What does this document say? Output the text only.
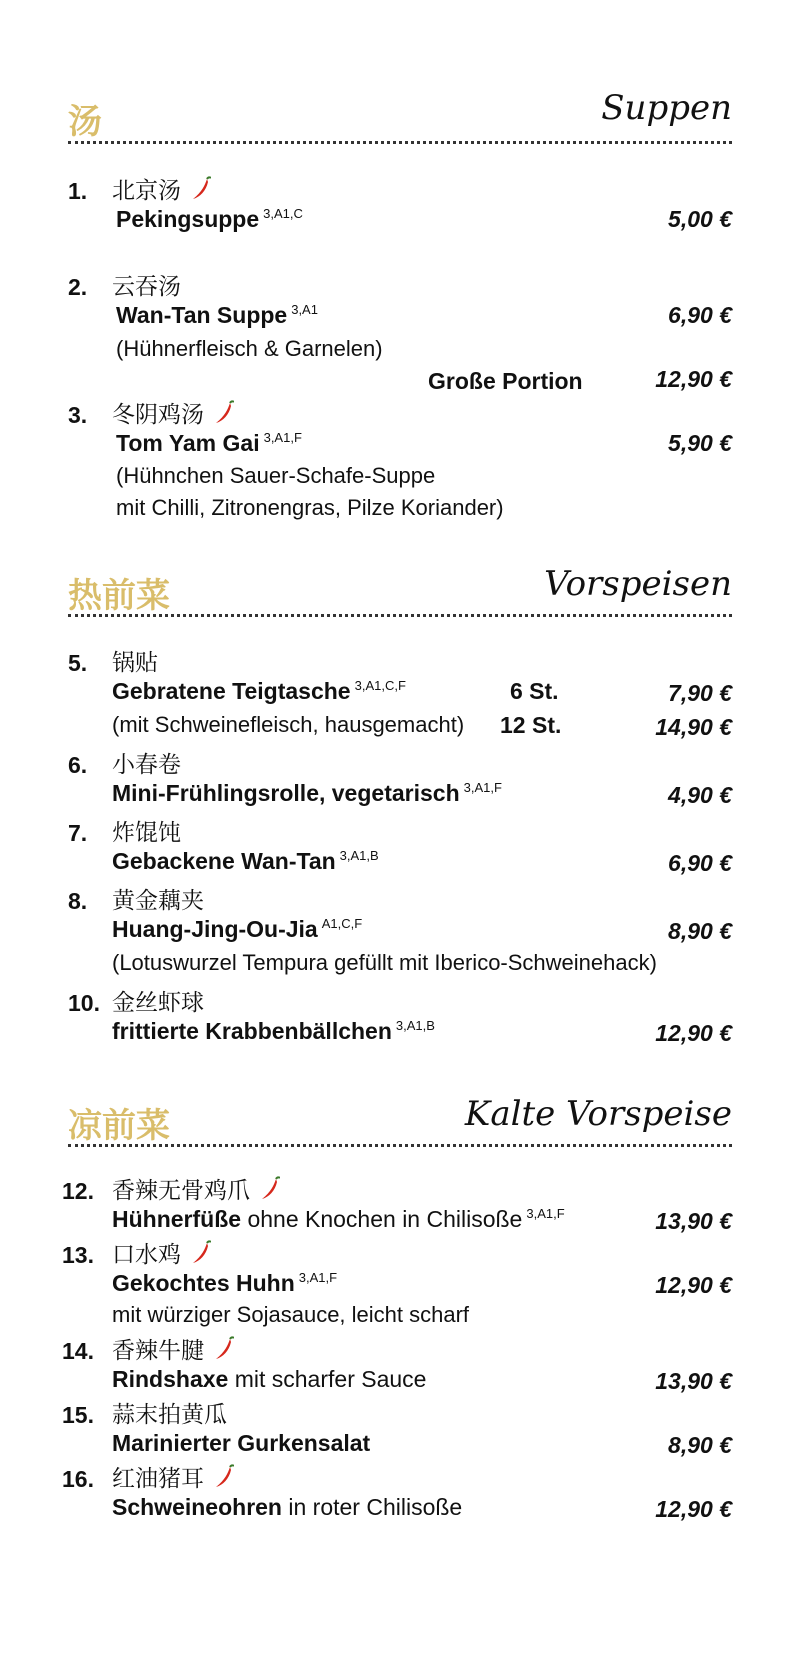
汤	Suppen
1. 北京汤
Pekingsuppe $^{3,A1,C}$	5,00 €
2. 云吞汤
Wan-Tan Suppe $^{3,A1}$	6,90 €
(Hühnerfleisch & Garnelen)
Große Portion	12,90 €
3. 冬阴鸡汤
Tom Yam Gai $^{3,A1,F}$	5,90 €
(Hühnchen Sauer-Schafe-Suppe
mit Chilli, Zitronengras, Pilze Koriander)
热前菜	Vorspeisen
5. 锅贴
Gebratene Teigtasche $^{3,A1,C,F}$	6 St.	7,90 €
(mit Schweinefleisch, hausgemacht) 12 St.	14,90 €
6. 小春卷
Mini-Frühlingsrolle, vegetarisch $^{3,A1,F}$	4,90 €
7. 炸馄饨
Gebackene Wan-Tan $^{3,A1,B}$	6,90 €
8. 黄金藕夹
Huang-Jing-Ou-Jia $^{A1,C,F}$	8,90 €
(Lotuswurzel Tempura gefüllt mit Iberico-Schweinehack)
10. 金丝虾球
frittierte Krabbenbällchen $^{3,A1,B}$	12,90 €
凉前菜	Kalte Vorspeise
12. 香辣无骨鸡爪
Hühnerfüße ohne Knochen in Chilisoße $^{3,A1,F}$	13,90 €
13. 口水鸡
Gekochtes Huhn $^{3,A1,F}$	12,90 €
mit würziger Sojasauce, leicht scharf
14. 香辣牛腱
Rindshaxe mit scharfer Sauce	13,90 €
15. 蒜末拍黄瓜
Marinierter Gurkensalat	8,90 €
16. 红油猪耳
Schweineohren in roter Chilisoße	12,90 €
